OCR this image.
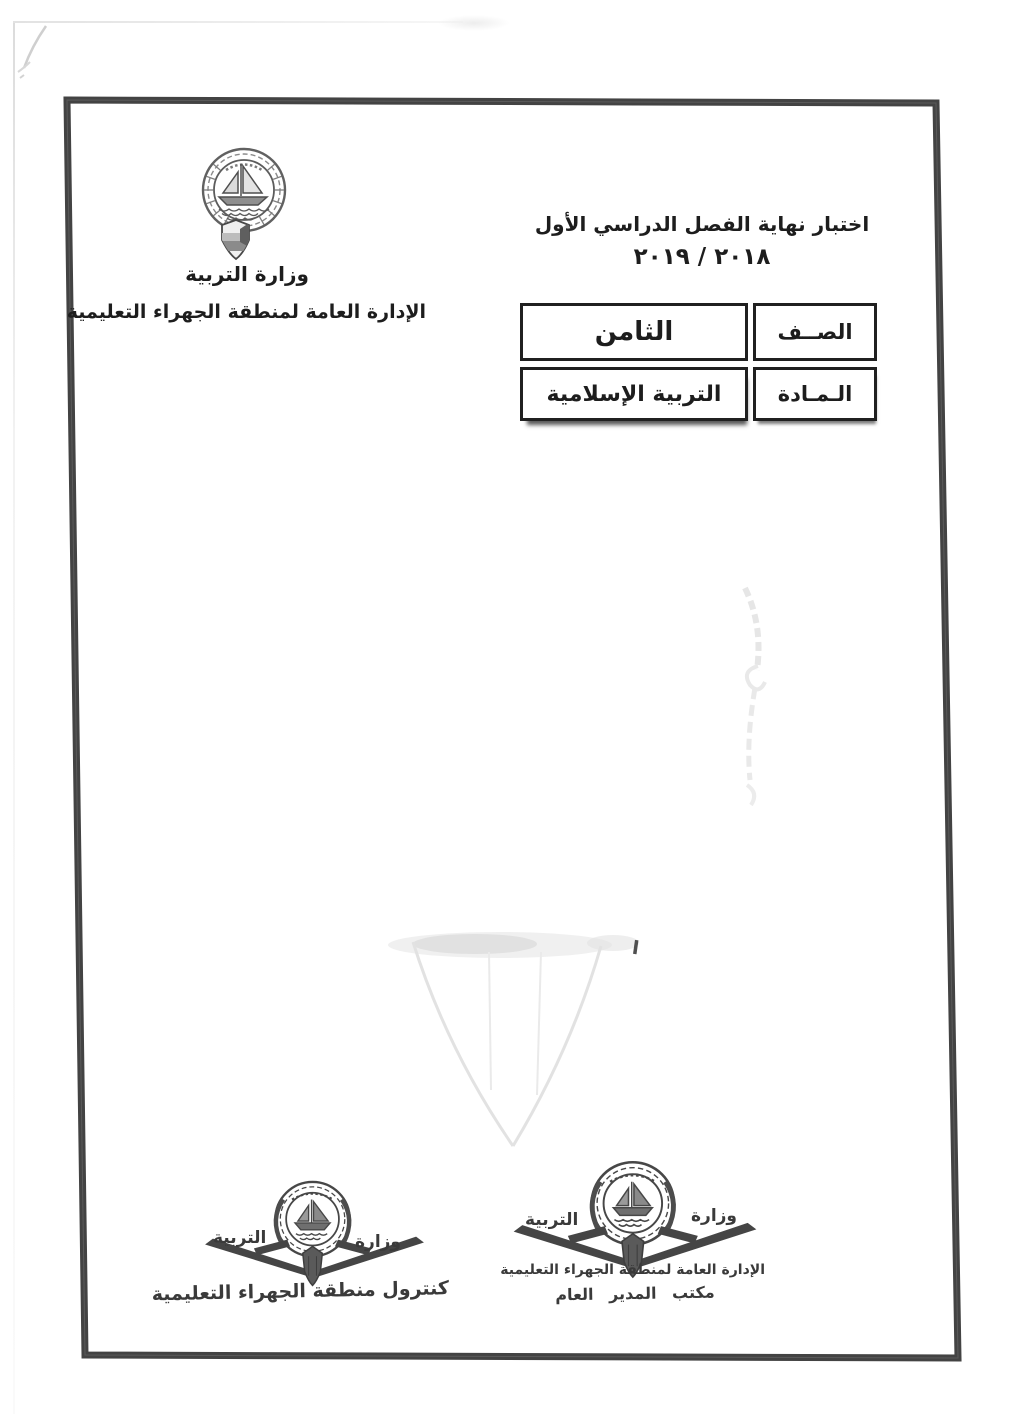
وزارة التربية
الإدارة العامة لمنطقة الجهراء التعليمية
اختبار نهاية الفصل الدراسي الأول
٢٠١٨ / ٢٠١٩
الصــف
الثامن
الـمـادة
التربية الإسلامية
وزارة
التربية
كنترول منطقة الجهراء التعليمية
وزارة
التربية
الإدارة العامة لمنطقة الجهراء التعليمية
مكتب المدير العام
